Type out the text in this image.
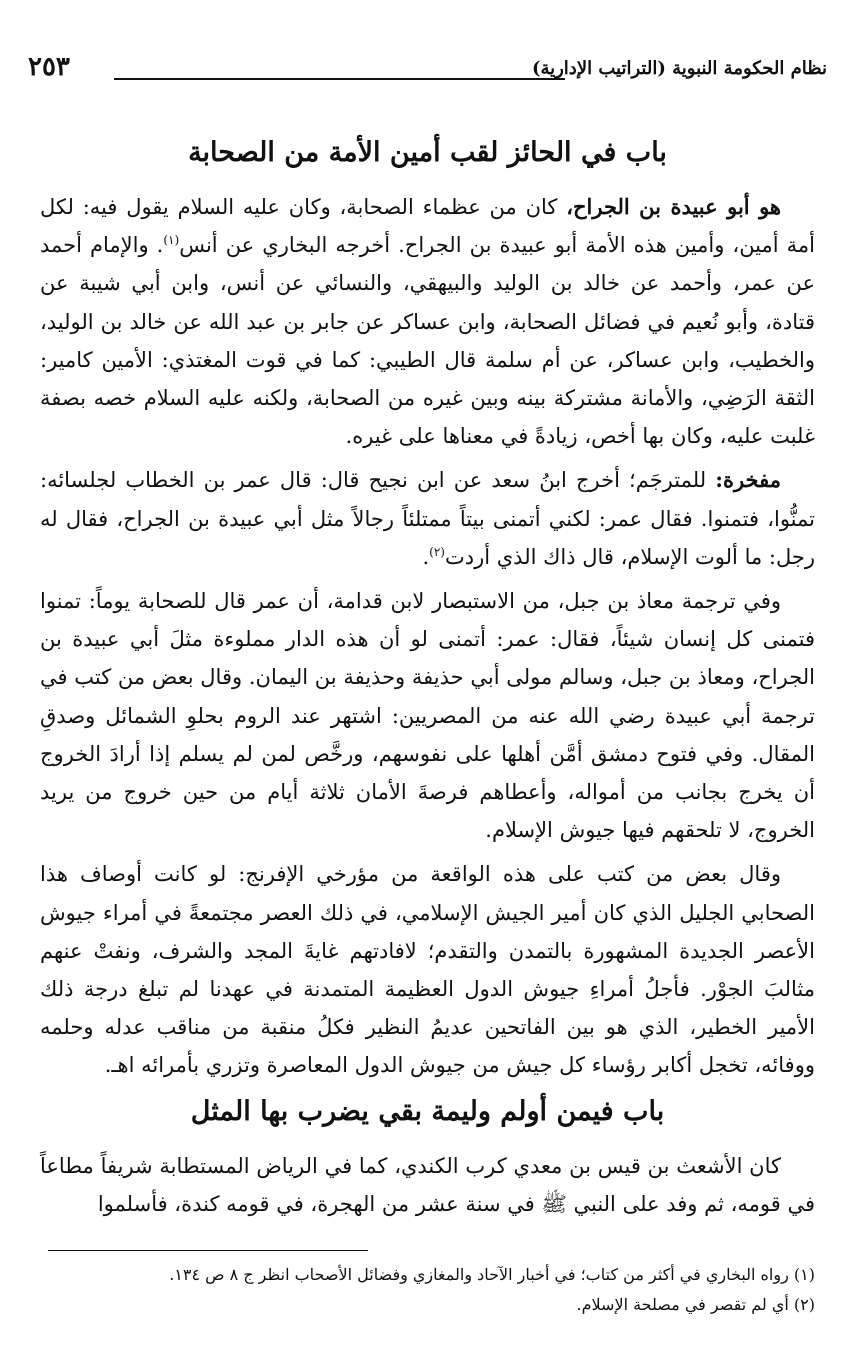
نظام الحكومة النبوية (التراتيب الإدارية)
٢٥٣
باب في الحائز لقب أمين الأمة من الصحابة

هو أبو عبيدة بن الجراح، كان من عظماء الصحابة، وكان عليه السلام يقول فيه: لكل أمة أمين، وأمين هذه الأمة أبو عبيدة بن الجراح. أخرجه البخاري عن أنس$^{(١)}$. والإمام أحمد عن عمر، وأحمد عن خالد بن الوليد والبيهقي، والنسائي عن أنس، وابن أبي شيبة عن قتادة، وأبو نُعيم في فضائل الصحابة، وابن عساكر عن جابر بن عبد الله عن خالد بن الوليد، والخطيب، وابن عساكر، عن أم سلمة قال الطيبي: كما في قوت المغتذي: الأمين كامير: الثقة الرَضِي، والأمانة مشتركة بينه وبين غيره من الصحابة، ولكنه عليه السلام خصه بصفة غلبت عليه، وكان بها أخص، زيادةً في معناها على غيره.

مفخرة: للمترجَم؛ أخرج ابنُ سعد عن ابن نجيح قال: قال عمر بن الخطاب لجلسائه: تمنُّوا، فتمنوا. فقال عمر: لكني أتمنى بيتاً ممتلئاً رجالاً مثل أبي عبيدة بن الجراح، فقال له رجل: ما ألوت الإسلام، قال ذاك الذي أردت$^{(٢)}$.

وفي ترجمة معاذ بن جبل، من الاستبصار لابن قدامة، أن عمر قال للصحابة يوماً: تمنوا فتمنى كل إنسان شيئاً، فقال: عمر: أتمنى لو أن هذه الدار مملوءة مثلَ أبي عبيدة بن الجراح، ومعاذ بن جبل، وسالم مولى أبي حذيفة وحذيفة بن اليمان. وقال بعض من كتب في ترجمة أبي عبيدة رضي الله عنه من المصريين: اشتهر عند الروم بحلوِ الشمائل وصدقِ المقال. وفي فتوح دمشق أمَّن أهلها على نفوسهم، ورخَّص لمن لم يسلم إذا أرادَ الخروج أن يخرج بجانب من أمواله، وأعطاهم فرصةَ الأمان ثلاثة أيام من حين خروج من يريد الخروج، لا تلحقهم فيها جيوش الإسلام.

وقال بعض من كتب على هذه الواقعة من مؤرخي الإفرنج: لو كانت أوصاف هذا الصحابي الجليل الذي كان أمير الجيش الإسلامي، في ذلك العصر مجتمعةً في أمراء جيوش الأعصر الجديدة المشهورة بالتمدن والتقدم؛ لافادتهم غايةَ المجد والشرف، ونفتْ عنهم مثالبَ الجوْر. فأجلُ أمراءِ جيوش الدول العظيمة المتمدنة في عهدنا لم تبلغ درجة ذلك الأمير الخطير، الذي هو بين الفاتحين عديمُ النظير فكلُ منقبة من مناقب عدله وحلمه ووفائه، تخجل أكابر رؤساء كل جيش من جيوش الدول المعاصرة وتزري بأمرائه اهـ.

باب فيمن أولم وليمة بقي يضرب بها المثل

كان الأشعث بن قيس بن معدي كرب الكندي، كما في الرياض المستطابة شريفاً مطاعاً في قومه، ثم وفد على النبي ﷺ في سنة عشر من الهجرة، في قومه كندة، فأسلموا

(١) رواه البخاري في أكثر من كتاب؛ في أخبار الآحاد والمغازي وفضائل الأصحاب انظر ج ٨ ص ١٣٤.

(٢) أي لم تقصر في مصلحة الإسلام.
